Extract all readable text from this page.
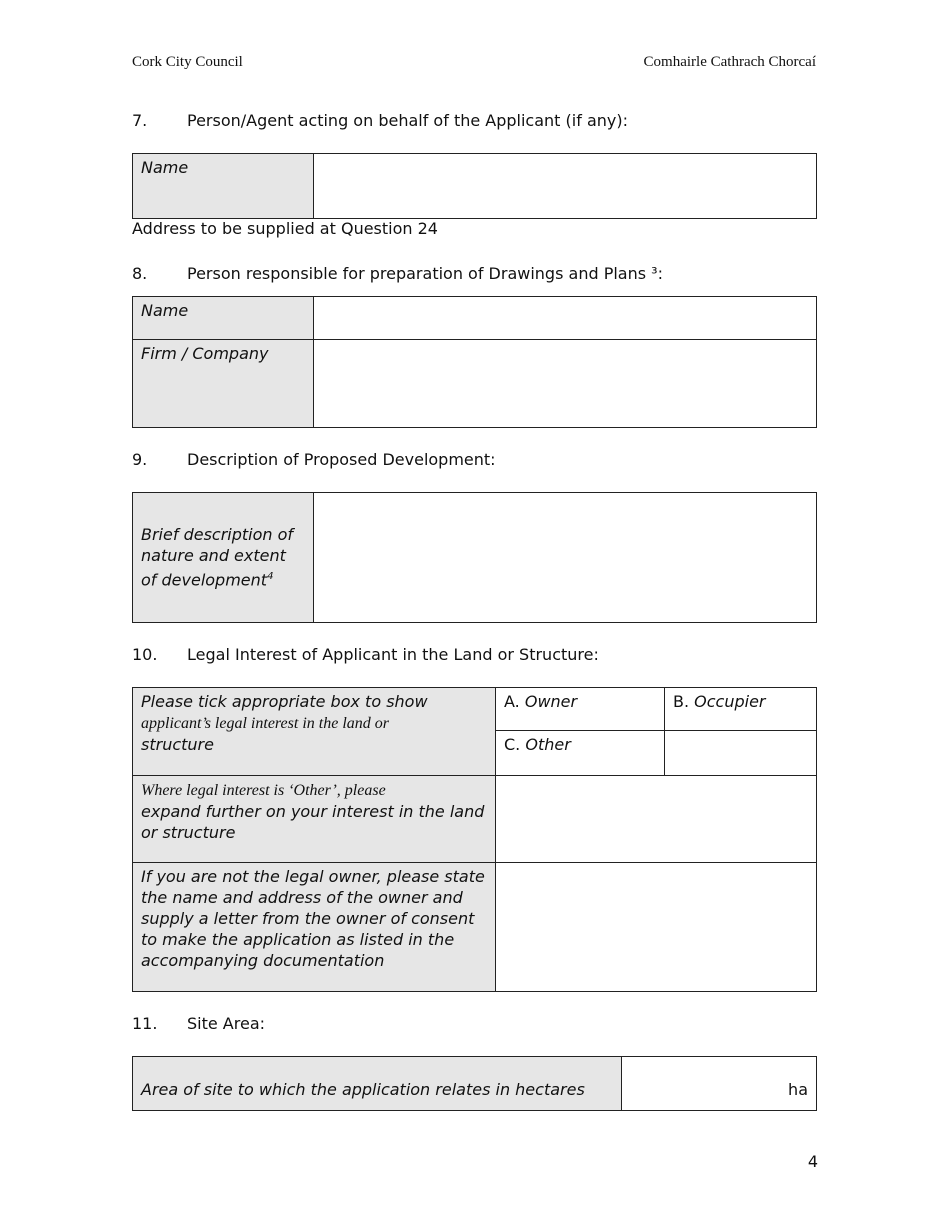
Cork City Council	Comhairle Cathrach Chorcaí
7. Person/Agent acting on behalf of the Applicant (if any):
Name	
Address to be supplied at Question 24
8. Person responsible for preparation of Drawings and Plans ³:
Name	
Firm / Company	
9. Description of Proposed Development:
Brief description of nature and extent of development$^4$	
10. Legal Interest of Applicant in the Land or Structure:
Please tick appropriate box to show
applicant’s legal interest in the land or
structure	A. Owner	B. Occupier
	C. Other	
Where legal interest is ‘Other’, please
expand further on your interest in the land or structure		
If you are not the legal owner, please state the name and address of the owner and supply a letter from the owner of consent to make the application as listed in the accompanying documentation		
11. Site Area:
Area of site to which the application relates in hectares	ha
4
